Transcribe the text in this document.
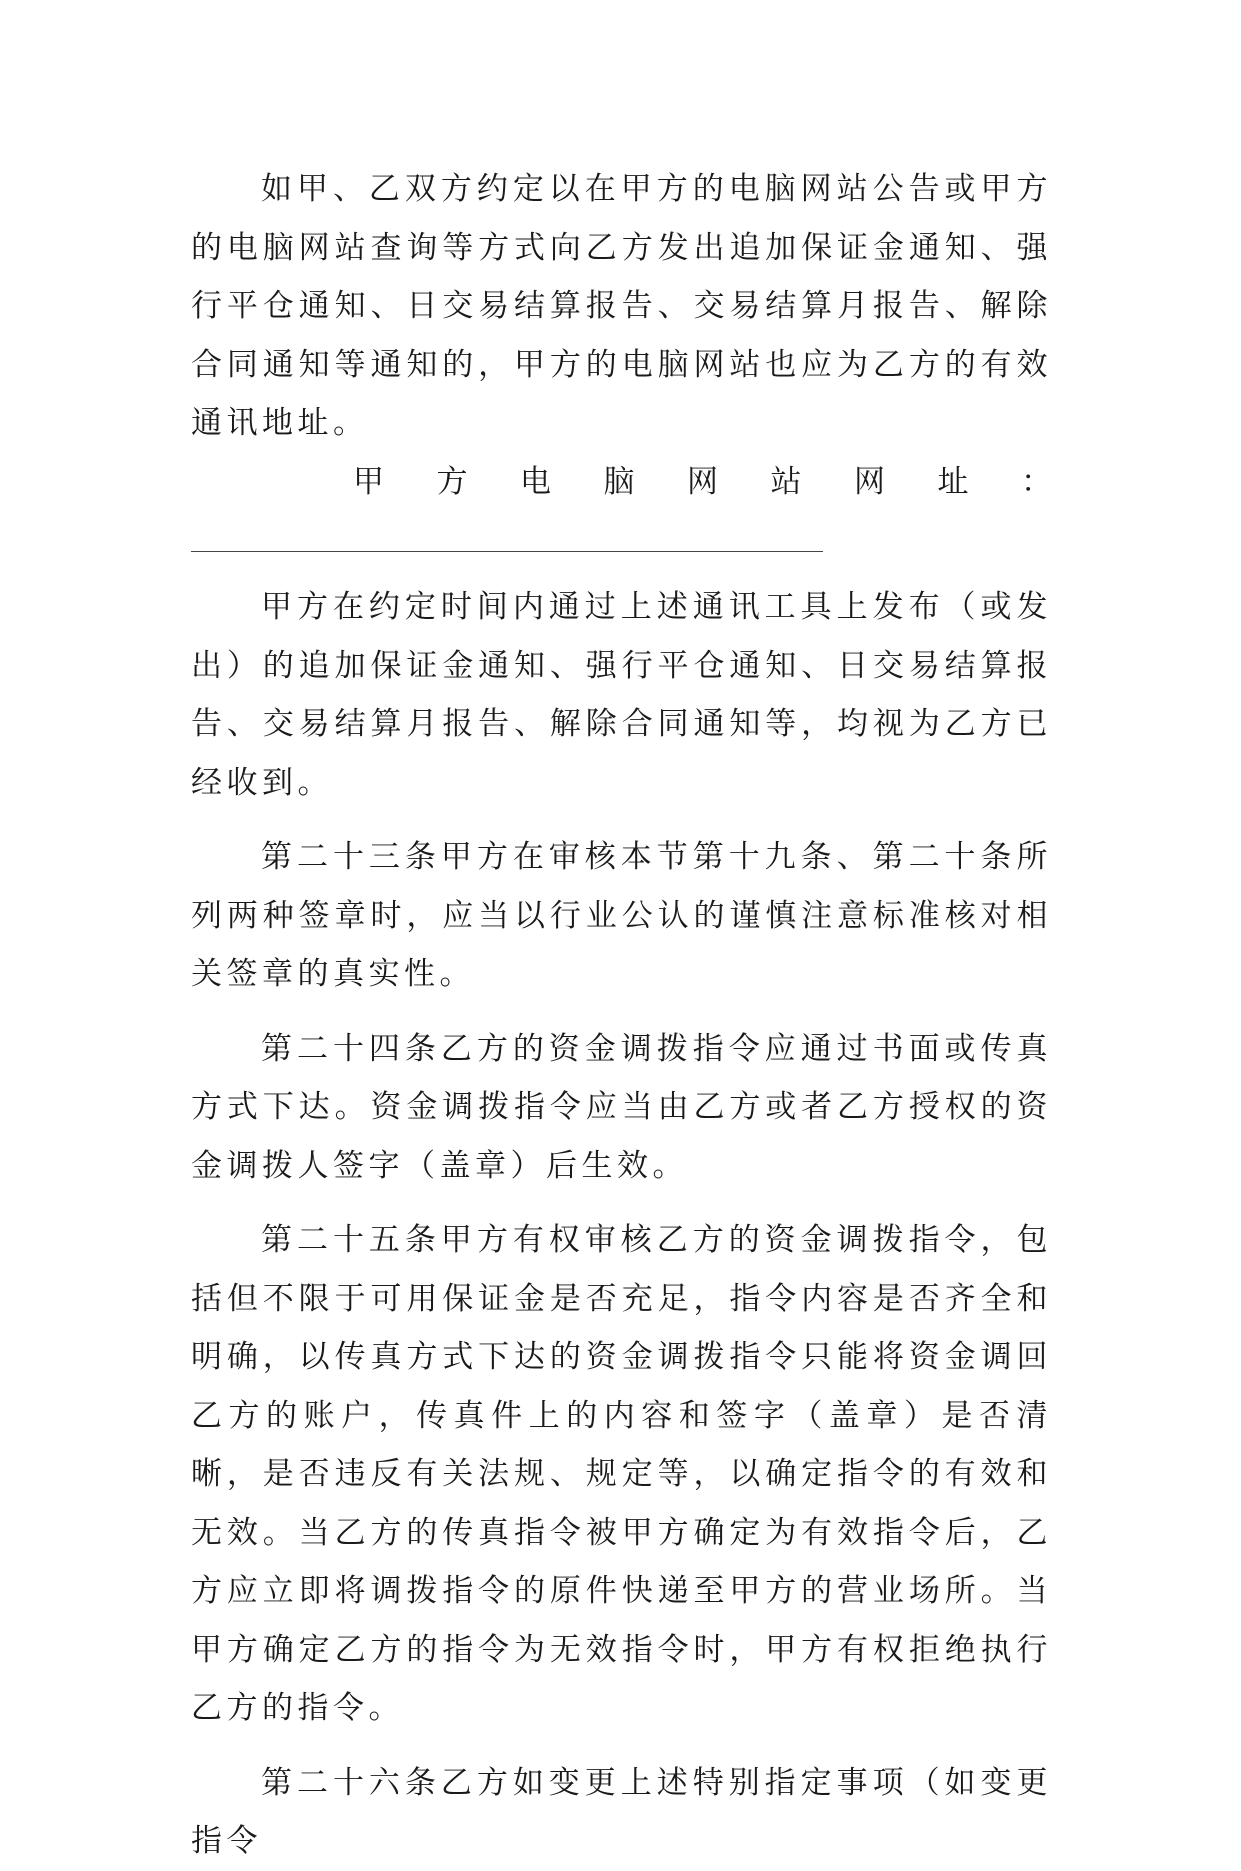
如甲、乙双方约定以在甲方的电脑网站公告或甲方的电脑网站查询等方式向乙方发出追加保证金通知、强行平仓通知、日交易结算报告、交易结算月报告、解除合同通知等通知的，甲方的电脑网站也应为乙方的有效通讯地址。

甲 方 电 脑 网 站 网 址 ：

甲方在约定时间内通过上述通讯工具上发布（或发出）的追加保证金通知、强行平仓通知、日交易结算报告、交易结算月报告、解除合同通知等，均视为乙方已经收到。

第二十三条甲方在审核本节第十九条、第二十条所列两种签章时，应当以行业公认的谨慎注意标准核对相关签章的真实性。

第二十四条乙方的资金调拨指令应通过书面或传真方式下达。资金调拨指令应当由乙方或者乙方授权的资金调拨人签字（盖章）后生效。

第二十五条甲方有权审核乙方的资金调拨指令，包括但不限于可用保证金是否充足，指令内容是否齐全和明确，以传真方式下达的资金调拨指令只能将资金调回乙方的账户，传真件上的内容和签字（盖章）是否清晰，是否违反有关法规、规定等，以确定指令的有效和无效。当乙方的传真指令被甲方确定为有效指令后，乙方应立即将调拨指令的原件快递至甲方的营业场所。当甲方确定乙方的指令为无效指令时，甲方有权拒绝执行乙方的指令。

第二十六条乙方如变更上述特别指定事项（如变更指令
